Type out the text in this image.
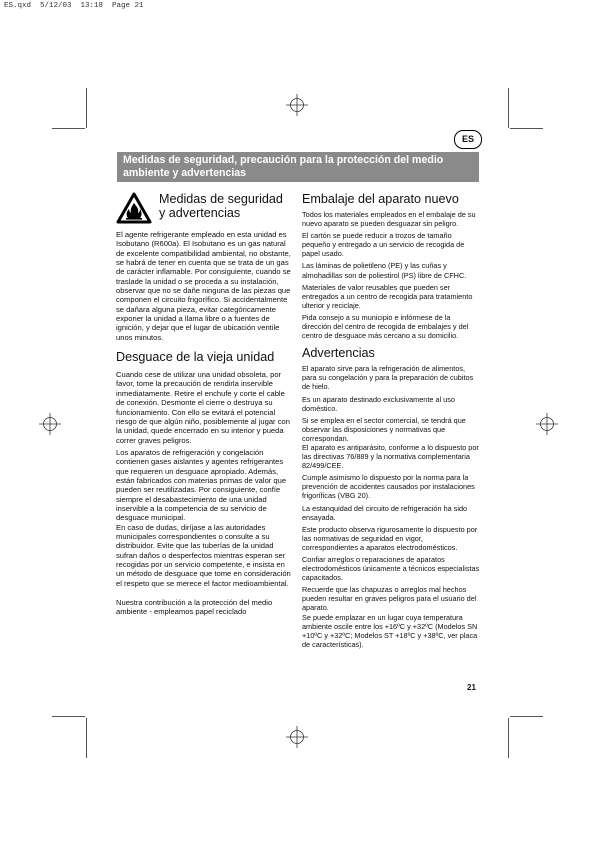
ES.qxd  5/12/03  13:18  Page 21
ES
Medidas de seguridad, precaución para la protección del medio ambiente y advertencias
Medidas de seguridad y advertencias

El agente refrigerante empleado en esta unidad es Isobutano (R600a). El Isobutano es un gas natural de excelente compatibilidad ambiental, no obstante, se habrá de tener en cuenta que se trata de un gas de carácter inflamable. Por consiguiente, cuando se traslade la unidad o se proceda a su instalación, observar que no se dañe ninguna de las piezas que componen el circuito frigorífico. Si accidentalmente se dañara alguna pieza, evitar categóricamente exponer la unidad a llama libre o a fuentes de ignición, y dejar que el lugar de ubicación ventile unos minutos.

Desguace de la vieja unidad

Cuando cese de utilizar una unidad obsoleta, por favor, tome la precaución de rendirla inservible inmediatamente. Retire el enchufe y corte el cable de conexión. Desmonte el cierre o destruya su funcionamiento. Con ello se evitará el potencial riesgo de que algún niño, posiblemente al jugar con la unidad, quede encerrado en su interior y pueda correr graves peligros.

Los aparatos de refrigeración y congelación contienen gases aislantes y agentes refrigerantes que requieren un desguace apropiado. Además, están fabricados con materias primas de valor que pueden ser reutilizadas. Por consiguiente, confíe siempre el desabastecimiento de una unidad inservible a la competencia de su servicio de desguace municipal.

En caso de dudas, diríjase a las autoridades municipales correspondientes o consulte a su distribuidor. Evite que las tuberías de la unidad sufran daños o desperfectos mientras esperan ser recogidas por un servicio competente, e insista en un método de desguace que tome en consideración el respeto que se merece el factor medioambiental.

Nuestra contribución a la protección del medio ambiente - empleamos papel reciclado

Embalaje del aparato nuevo

Todos los materiales empleados en el embalaje de su nuevo aparato se pueden desguazar sin peligro.

El cartón se puede reducir a trozos de tamaño pequeño y entregado a un servicio de recogida de papel usado.

Las láminas de polietileno (PE) y las cuñas y almohadillas son de poliestirol (PS) libre de CFHC.

Materiales de valor reusables que pueden ser entregados a un centro de recogida para tratamiento ulterior y reciclaje.

Pida consejo a su municipio e infórmese de la dirección del centro de recogida de embalajes y del centro de desguace más cercano a su domicilio.

Advertencias

El aparato sirve para la refrigeración de alimentos, para su congelación y para la preparación de cubitos de hielo.

Es un aparato destinado exclusivamente al uso doméstico.

Si se emplea en el sector comercial, se tendrá que observar las disposiciones y normativas que correspondan.

El aparato es antiparásito, conforme a lo dispuesto por las directivas 76/889 y la normativa complementaria 82/499/CEE.

Cumple asimismo lo dispuesto por la norma para la prevención de accidentes causados por instalaciones frigoríficas (VBG 20).

La estanquidad del circuito de refrigeración ha sido ensayada.

Este producto observa rigurosamente lo dispuesto por las normativas de seguridad en vigor, correspondientes a aparatos electrodomésticos.

Confiar arreglos o reparaciones de aparatos electrodomésticos únicamente a técnicos especialistas capacitados.

Recuerde que las chapuzas o arreglos mal hechos pueden resultar en graves peligros para el usuario del aparato.

Se puede emplazar en un lugar cuya temperatura ambiente oscile entre los +16ºC y +32ºC (Modelos SN +10ºC y +32ºC; Modelos ST +18ºC y +38ºC, ver placa de características).

21
